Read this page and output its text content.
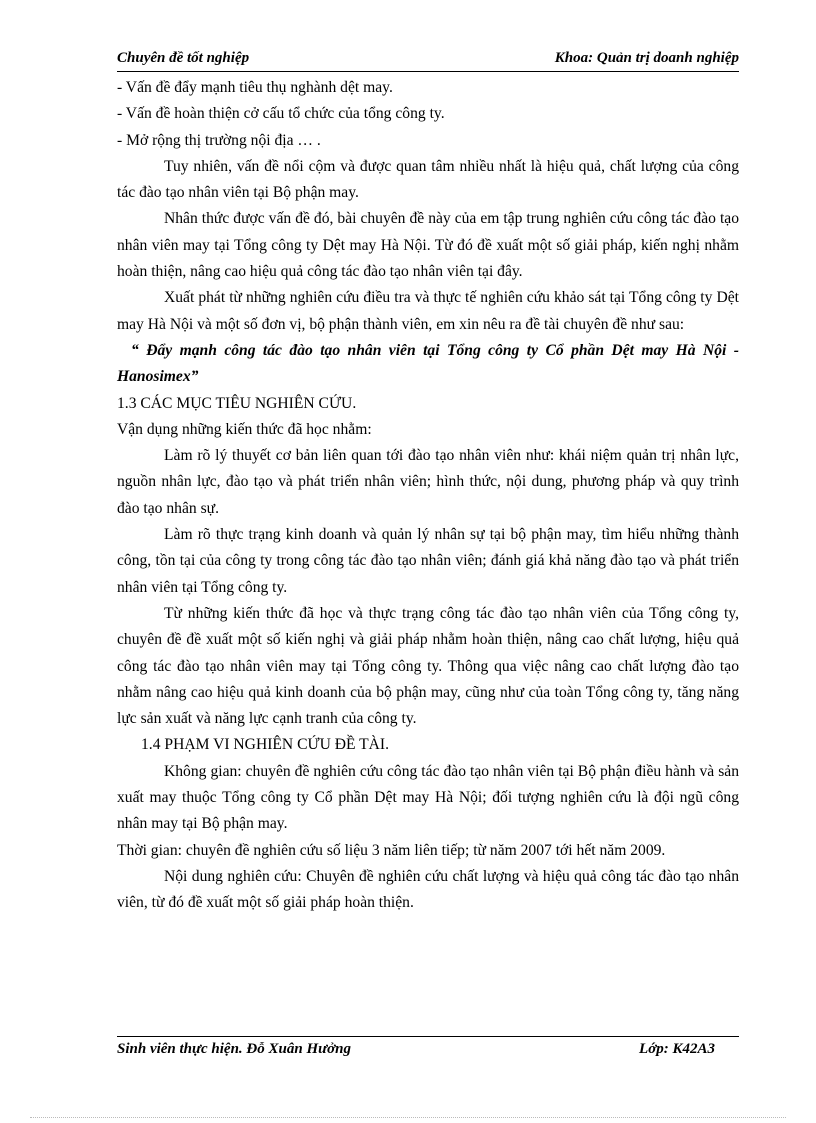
Chuyên đề tốt nghiệp	Khoa: Quản trị doanh nghiệp

- Vấn đề đẩy mạnh tiêu thụ nghành dệt may.

- Vấn đề hoàn thiện cở cấu tổ chức của tổng công ty.

- Mở rộng thị trường nội địa … .

Tuy nhiên, vấn đề nổi cộm và được quan tâm nhiều nhất là hiệu quả, chất lượng của công tác đào tạo nhân viên tại Bộ phận may.

Nhân thức được vấn đề đó, bài chuyên đề này của em tập trung nghiên cứu công tác đào tạo nhân viên may tại Tổng công ty Dệt may Hà Nội. Từ đó đề xuất một số giải pháp, kiến nghị nhằm hoàn thiện, nâng cao hiệu quả công tác đào tạo nhân viên tại đây.

Xuất phát từ những nghiên cứu điều tra và thực tế nghiên cứu khảo sát tại Tổng công ty Dệt may Hà Nội và một số đơn vị, bộ phận thành viên, em xin nêu ra đề tài chuyên đề như sau:

“ Đẩy mạnh công tác đào tạo nhân viên tại Tổng công ty Cổ phần Dệt may Hà Nội - Hanosimex”

1.3 CÁC MỤC TIÊU NGHIÊN CỨU.

Vận dụng những kiến thức đã học nhằm:

Làm rõ lý thuyết cơ bản liên quan tới đào tạo nhân viên như: khái niệm quản trị nhân lực, nguồn nhân lực, đào tạo và phát triển nhân viên; hình thức, nội dung, phương pháp và quy trình đào tạo nhân sự.

Làm rõ thực trạng kinh doanh và quản lý nhân sự tại bộ phận may, tìm hiểu những thành công, tồn tại của công ty trong công tác đào tạo nhân viên; đánh giá khả năng đào tạo và phát triển nhân viên tại Tổng công ty.

Từ những kiến thức đã học và thực trạng công tác đào tạo nhân viên của Tổng công ty, chuyên đề đề xuất một số kiến nghị và giải pháp nhằm hoàn thiện, nâng cao chất lượng, hiệu quả công tác đào tạo nhân viên may tại Tổng công ty. Thông qua việc nâng cao chất lượng đào tạo nhằm nâng cao hiệu quả kinh doanh của bộ phận may, cũng như của toàn Tổng công ty, tăng năng lực sản xuất và năng lực cạnh tranh của công ty.

1.4 PHẠM VI NGHIÊN CỨU ĐỀ TÀI.

Không gian: chuyên đề nghiên cứu công tác đào tạo nhân viên tại Bộ phận điều hành và sản xuất may thuộc Tổng công ty Cổ phần Dệt may Hà Nội; đối tượng nghiên cứu là đội ngũ công nhân may tại Bộ phận may.

Thời gian: chuyên đề nghiên cứu số liệu 3 năm liên tiếp; từ năm 2007 tới hết năm 2009.

Nội dung nghiên cứu: Chuyên đề nghiên cứu chất lượng và hiệu quả công tác đào tạo nhân viên, từ đó đề xuất một số giải pháp hoàn thiện.

Sinh viên thực hiện. Đỗ Xuân Hưởng	Lớp: K42A3
